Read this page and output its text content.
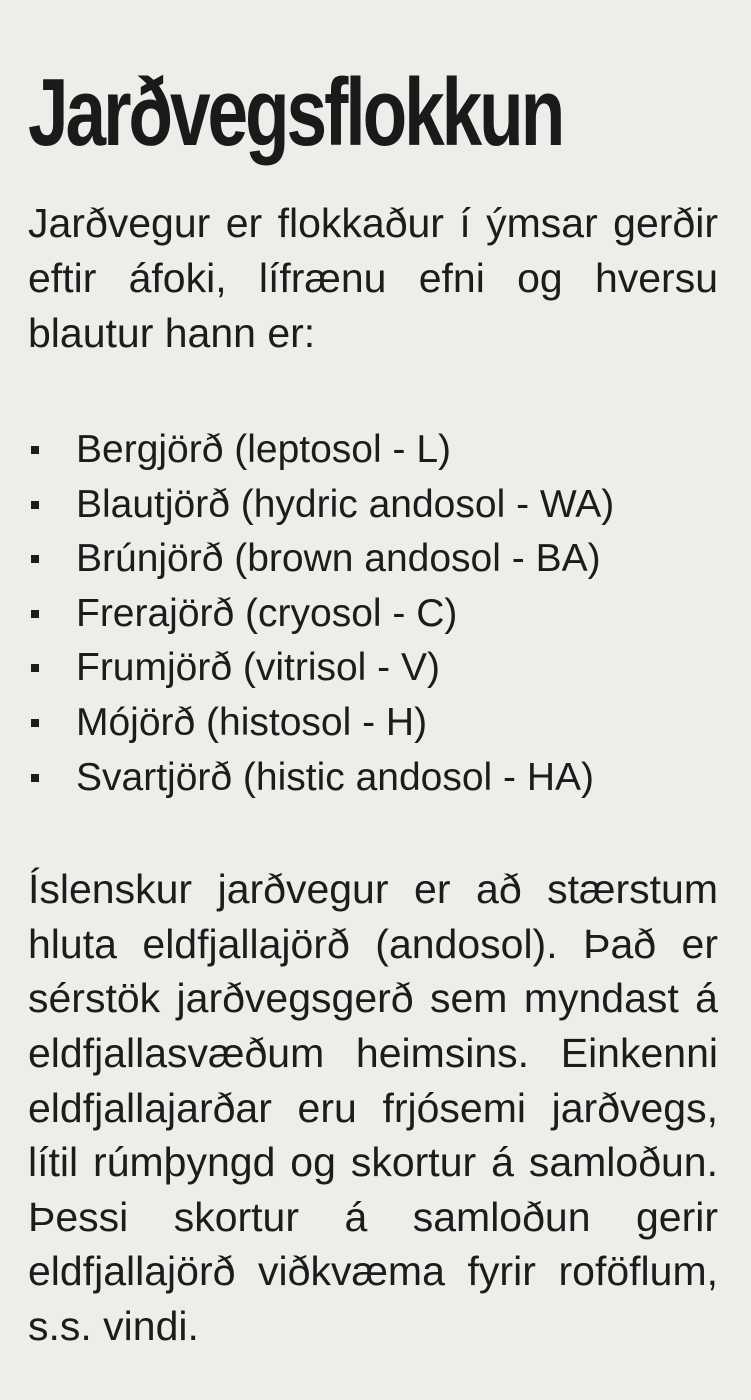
Jarðvegsflokkun

Jarðvegur er flokkaður í ýmsar gerðir eftir áfoki, lífrænu efni og hversu blautur hann er:

Bergjörð (leptosol - L)
Blautjörð (hydric andosol - WA)
Brúnjörð (brown andosol - BA)
Frerajörð (cryosol - C)
Frumjörð (vitrisol - V)
Mójörð (histosol - H)
Svartjörð (histic andosol - HA)

Íslenskur jarðvegur er að stærstum hluta eldfjallajörð (andosol). Það er sérstök jarðvegsgerð sem myndast á eldfjallasvæðum heimsins. Einkenni eldfjallajarðar eru frjósemi jarðvegs, lítil rúmþyngd og skortur á samloðun. Þessi skortur á samloðun gerir eldfjallajörð viðkvæma fyrir roföflum, s.s. vindi.
